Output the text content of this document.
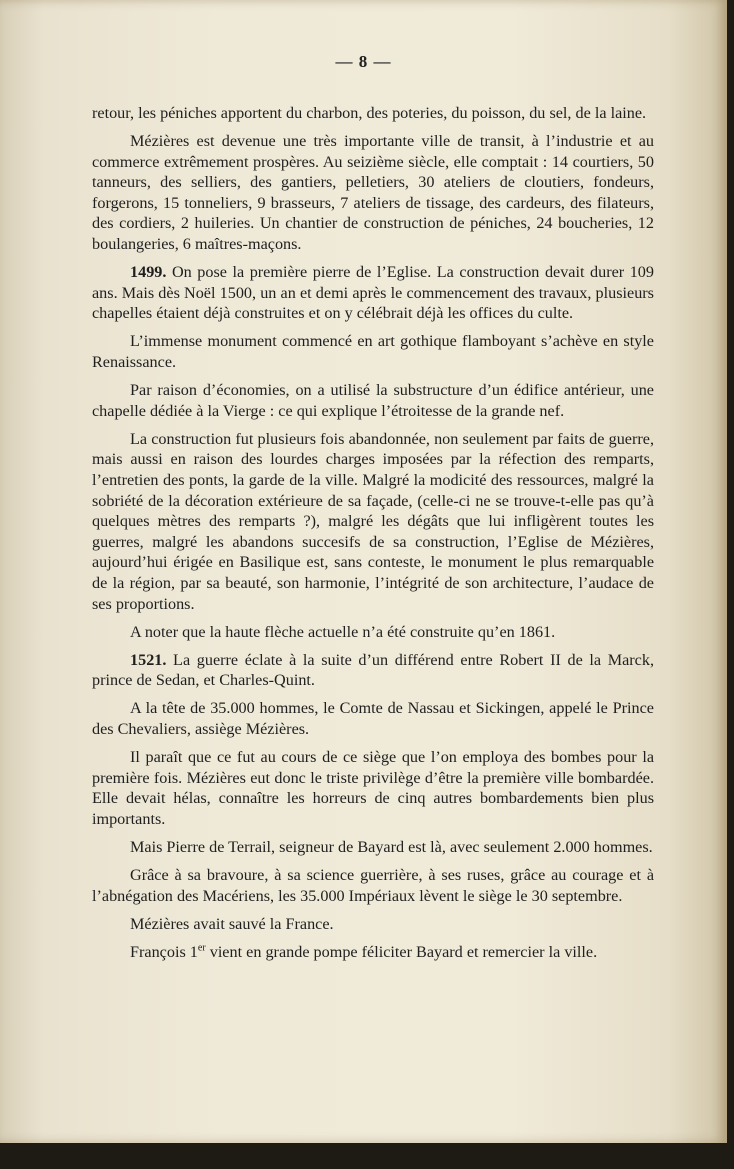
— 8 —

retour, les péniches apportent du charbon, des poteries, du poisson, du sel, de la laine.

Mézières est devenue une très importante ville de transit, à l’industrie et au commerce extrêmement prospères. Au seizième siècle, elle comptait : 14 courtiers, 50 tanneurs, des selliers, des gantiers, pelletiers, 30 ateliers de cloutiers, fondeurs, forgerons, 15 tonneliers, 9 brasseurs, 7 ateliers de tissage, des cardeurs, des filateurs, des cordiers, 2 huileries. Un chantier de construction de péniches, 24 boucheries, 12 boulangeries, 6 maîtres-maçons.

1499. On pose la première pierre de l’Eglise. La construction devait durer 109 ans. Mais dès Noël 1500, un an et demi après le commencement des travaux, plusieurs chapelles étaient déjà construites et on y célébrait déjà les offices du culte.

L’immense monument commencé en art gothique flamboyant s’achève en style Renaissance.

Par raison d’économies, on a utilisé la substructure d’un édifice antérieur, une chapelle dédiée à la Vierge : ce qui explique l’étroitesse de la grande nef.

La construction fut plusieurs fois abandonnée, non seulement par faits de guerre, mais aussi en raison des lourdes charges imposées par la réfection des remparts, l’entretien des ponts, la garde de la ville. Malgré la modicité des ressources, malgré la sobriété de la décoration extérieure de sa façade, (celle-ci ne se trouve-t-elle pas qu’à quelques mètres des remparts ?), malgré les dégâts que lui infligèrent toutes les guerres, malgré les abandons succesifs de sa construction, l’Eglise de Mézières, aujourd’hui érigée en Basilique est, sans conteste, le monument le plus remarquable de la région, par sa beauté, son harmonie, l’intégrité de son architecture, l’audace de ses proportions.

A noter que la haute flèche actuelle n’a été construite qu’en 1861.

1521. La guerre éclate à la suite d’un différend entre Robert II de la Marck, prince de Sedan, et Charles-Quint.

A la tête de 35.000 hommes, le Comte de Nassau et Sickingen, appelé le Prince des Chevaliers, assiège Mézières.

Il paraît que ce fut au cours de ce siège que l’on employa des bombes pour la première fois. Mézières eut donc le triste privilège d’être la première ville bombardée. Elle devait hélas, connaître les horreurs de cinq autres bombardements bien plus importants.

Mais Pierre de Terrail, seigneur de Bayard est là, avec seulement 2.000 hommes.

Grâce à sa bravoure, à sa science guerrière, à ses ruses, grâce au courage et à l’abnégation des Macériens, les 35.000 Impériaux lèvent le siège le 30 septembre.

Mézières avait sauvé la France.

François 1er vient en grande pompe féliciter Bayard et remercier la ville.
